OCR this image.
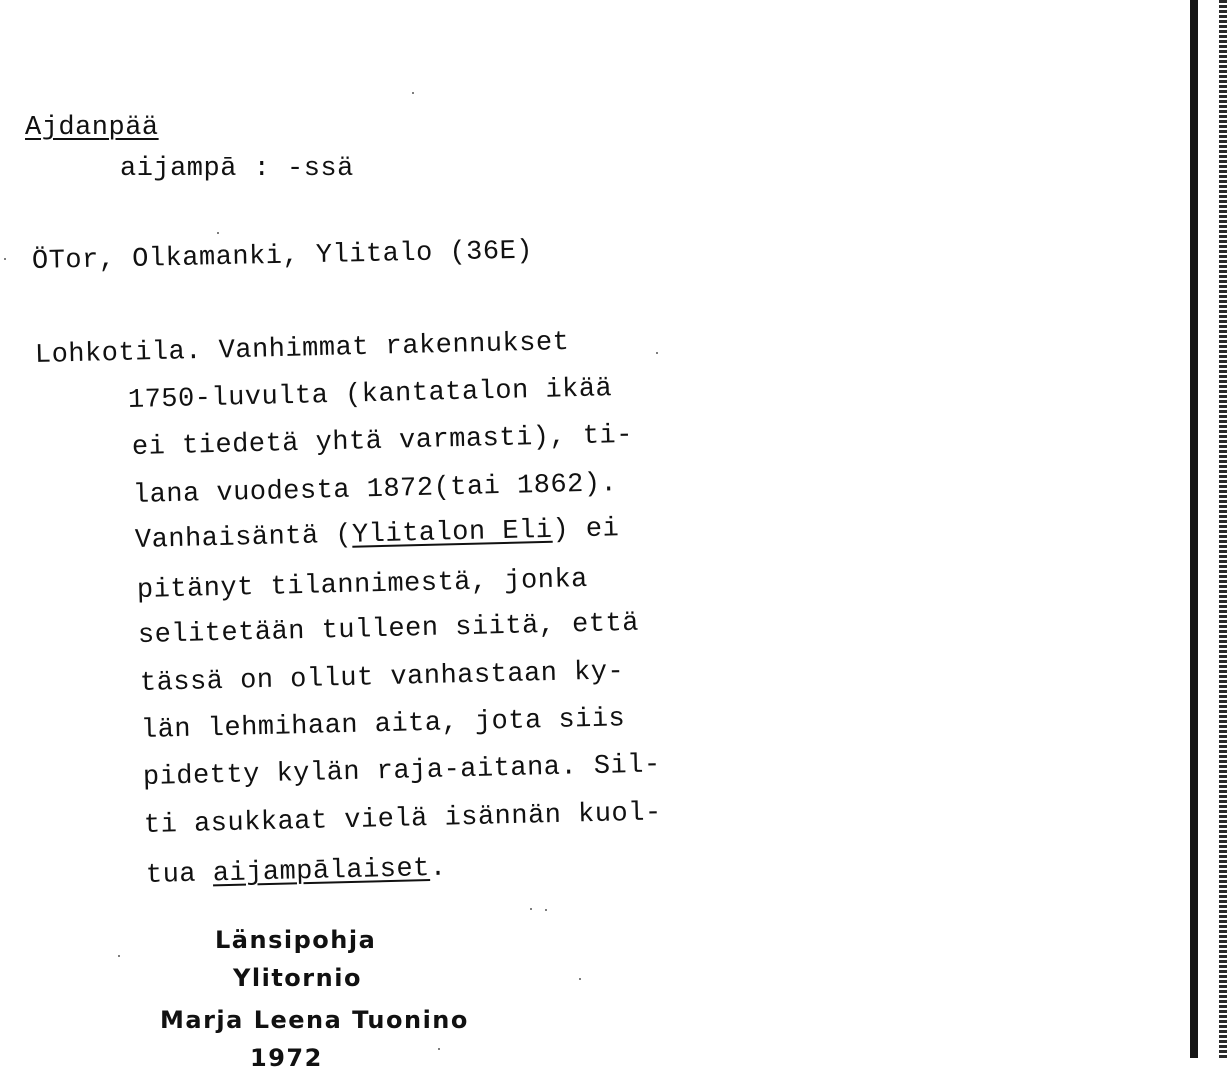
Ajdanpää
aijampā : -ssä
ÖTor, Olkamanki, Ylitalo (36E)
Lohkotila. Vanhimmat rakennukset
1750-luvulta (kantatalon ikää
ei tiedetä yhtä varmasti), ti-
lana vuodesta 1872(tai 1862).
Vanhaisäntä (Ylitalon Eli) ei
pitänyt tilannimestä, jonka
selitetään tulleen siitä, että
tässä on ollut vanhastaan ky-
län lehmihaan aita, jota siis
pidetty kylän raja-aitana. Sil-
ti asukkaat vielä isännän kuol-
tua aijampālaiset.
Länsipohja
Ylitornio
Marja Leena Tuonino
1972
